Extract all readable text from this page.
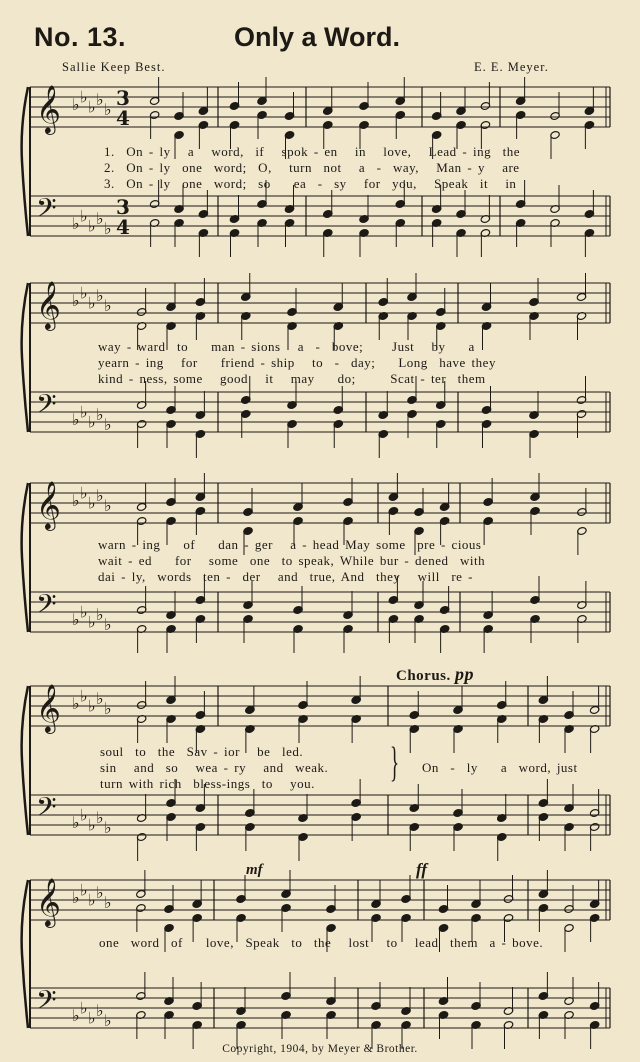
No. 13.	Only a Word.
Sallie Keep Best.	E. E. Meyer.
1.  On - ly   a   word,  if   spok - en   in   love,   Lead - ing  the
2.  On - ly  one  word;  O,   turn  not   a  -  way,   Man - y   are
3.  On - ly  one  word;  so    ea  -  sy   for  you,   Speak  it   in
way - ward  to    man - sions   a  -  bove;     Just   by    a
yearn - ing   for    friend - ship   to  -  day;    Long  have they
kind - ness, some   good   it   may    do;      Scat - ter  them
warn - ing    of    dan - ger   a - head May some  pre - cious
wait - ed    for   some  one  to speak, While bur - dened  with
dai - ly,  words  ten -  der   and  true, And  they   will  re -
Chorus. pp
soul  to  the  Sav - ior   be  led.
sin   and  so   wea - ry   and  weak.
turn with rich  bless-ings  to   you. } On  -  ly    a  word, just
mf	ff
one  word  of    love,  Speak  to  the   lost   to   lead  them  a - bove.
Copyright, 1904, by Meyer & Brother.
𝄞
𝄢
♭
♭
♭
♭
♭
♭
♭
♭
♭
♭
3
4
3
4
𝄞
𝄢
♭
♭
♭
♭
♭
♭
♭
♭
♭
♭
𝄞
𝄢
♭
♭
♭
♭
♭
♭
♭
♭
♭
♭
𝄞
𝄢
♭
♭
♭
♭
♭
♭
♭
♭
♭
♭
𝄞
𝄢
♭
♭
♭
♭
♭
♭
♭
♭
♭
♭
